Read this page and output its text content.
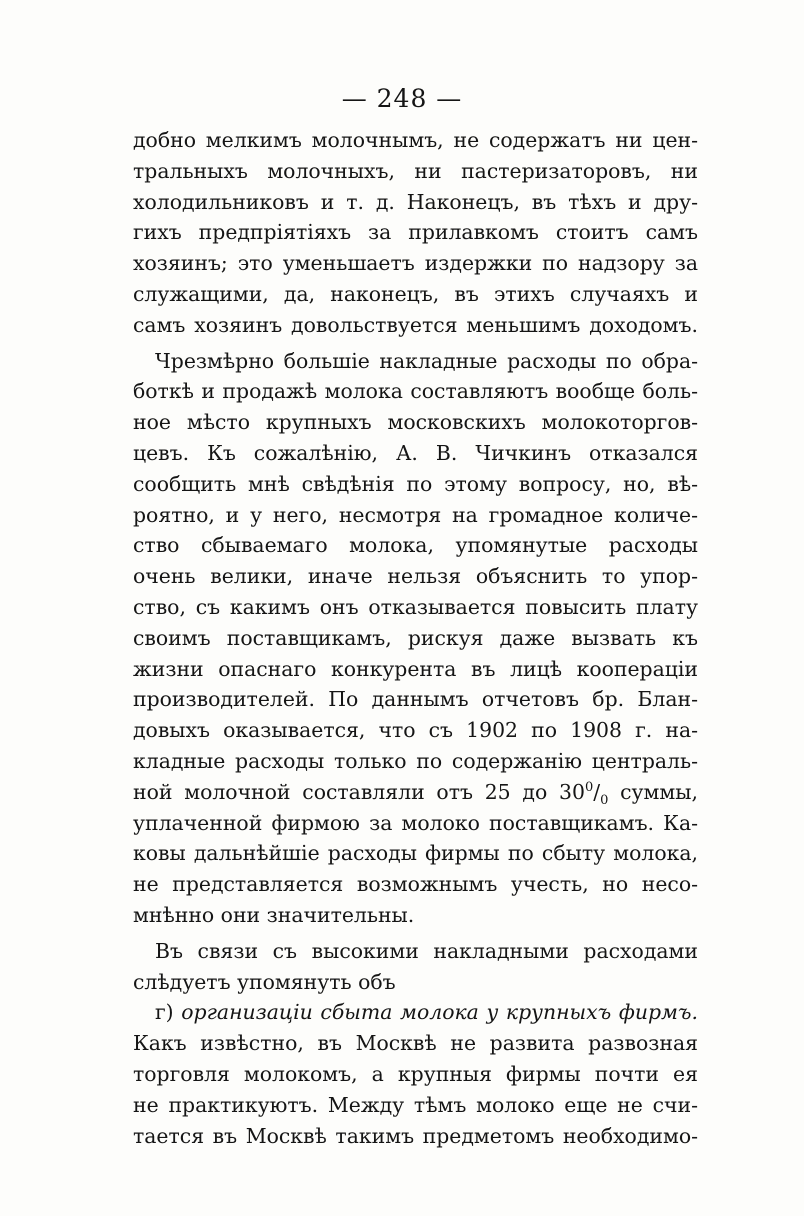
— 248 —
добно мелкимъ молочнымъ, не содержатъ ни цен-
тральныхъ молочныхъ, ни пастеризаторовъ, ни
холодильниковъ и т. д. Наконецъ, въ тѣхъ и дру-
гихъ предпріятіяхъ за прилавкомъ стоитъ самъ
хозяинъ; это уменьшаетъ издержки по надзору за
служащими, да, наконецъ, въ этихъ случаяхъ и
самъ хозяинъ довольствуется меньшимъ доходомъ.
Чрезмѣрно большіе накладные расходы по обра-
боткѣ и продажѣ молока составляютъ вообще боль-
ное мѣсто крупныхъ московскихъ молокоторгов-
цевъ. Къ сожалѣнію, А. В. Чичкинъ отказался
сообщить мнѣ свѣдѣнія по этому вопросу, но, вѣ-
роятно, и у него, несмотря на громадное количе-
ство сбываемаго молока, упомянутые расходы
очень велики, иначе нельзя объяснить то упор-
ство, съ какимъ онъ отказывается повысить плату
своимъ поставщикамъ, рискуя даже вызвать къ
жизни опаснаго конкурента въ лицѣ коопераціи
производителей. По даннымъ отчетовъ бр. Блан-
довыхъ оказывается, что съ 1902 по 1908 г. на-
кладные расходы только по содержанію централь-
ной молочной составляли отъ 25 до $30^0/_0$ суммы,
уплаченной фирмою за молоко поставщикамъ. Ка-
ковы дальнѣйшіе расходы фирмы по сбыту молока,
не представляется возможнымъ учесть, но несо-
мнѣнно они значительны.
Въ связи съ высокими накладными расходами
слѣдуетъ упомянуть объ
г) организаціи сбыта молока у крупныхъ фирмъ.
Какъ извѣстно, въ Москвѣ не развита развозная
торговля молокомъ, а крупныя фирмы почти ея
не практикуютъ. Между тѣмъ молоко еще не счи-
тается въ Москвѣ такимъ предметомъ необходимо-
